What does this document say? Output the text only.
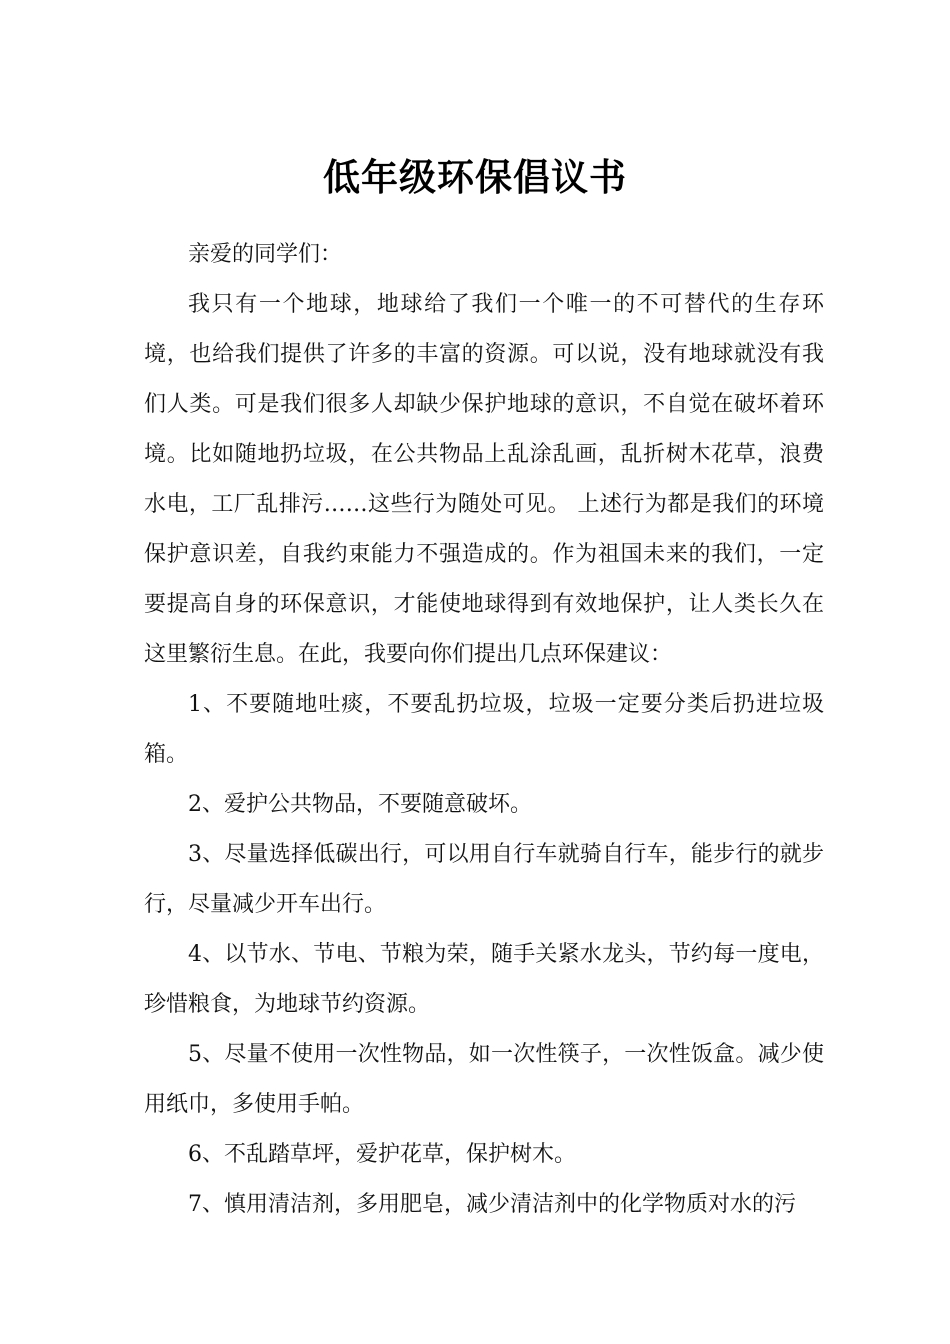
低年级环保倡议书

亲爱的同学们：

我只有一个地球，地球给了我们一个唯一的不可替代的生存环境，也给我们提供了许多的丰富的资源。可以说，没有地球就没有我们人类。可是我们很多人却缺少保护地球的意识，不自觉在破坏着环境。比如随地扔垃圾，在公共物品上乱涂乱画，乱折树木花草，浪费水电，工厂乱排污……这些行为随处可见。 上述行为都是我们的环境保护意识差，自我约束能力不强造成的。作为祖国未来的我们，一定要提高自身的环保意识，才能使地球得到有效地保护，让人类长久在这里繁衍生息。在此，我要向你们提出几点环保建议：

1、不要随地吐痰，不要乱扔垃圾，垃圾一定要分类后扔进垃圾箱。

2、爱护公共物品，不要随意破坏。

3、尽量选择低碳出行，可以用自行车就骑自行车，能步行的就步行，尽量减少开车出行。

4、以节水、节电、节粮为荣，随手关紧水龙头，节约每一度电，珍惜粮食，为地球节约资源。

5、尽量不使用一次性物品，如一次性筷子，一次性饭盒。减少使用纸巾，多使用手帕。

6、不乱踏草坪，爱护花草，保护树木。

7、慎用清洁剂，多用肥皂，减少清洁剂中的化学物质对水的污
